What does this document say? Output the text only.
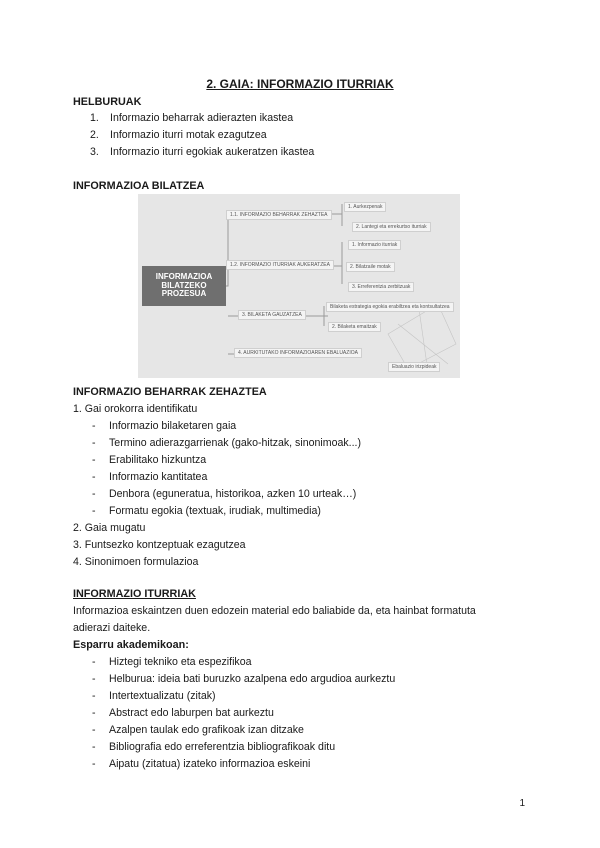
2. GAIA: INFORMAZIO ITURRIAK
HELBURUAK
1. Informazio beharrak adierazten ikastea
2. Informazio iturri motak ezagutzea
3. Informazio iturri egokiak aukeratzen ikastea
INFORMAZIOA BILATZEA
INFORMAZIOA BILATZEKO PROZESUA
1.1. INFORMAZIO BEHARRAK ZEHAZTEA
1.2. INFORMAZIO ITURRIAK AUKERATZEA
3. BILAKETA GAUZATZEA
4. AURKITUTAKO INFORMAZIOAREN EBALUAZIOA
1. Aurkezpenak
2. Lantegi eta errekurtso iturriak
1. Informazio iturriak
2. Bilatzaile motak
3. Erreferentzia zerbitzuak
Bilaketa estrategia egokia erabiltzea eta kontsultatzea
2. Bilaketa emaitzak
Ebaluazio irizpideak
INFORMAZIO BEHARRAK ZEHAZTEA
1. Gai orokorra identifikatu
- Informazio bilaketaren gaia
- Termino adierazgarrienak (gako-hitzak, sinonimoak...)
- Erabilitako hizkuntza
- Informazio kantitatea
- Denbora (eguneratua, historikoa, azken 10 urteak…)
- Formatu egokia (textuak, irudiak, multimedia)
2. Gaia mugatu
3. Funtsezko kontzeptuak ezagutzea
4. Sinonimoen formulazioa
INFORMAZIO ITURRIAK
Informazioa eskaintzen duen edozein material edo baliabide da, eta hainbat formatuta
adierazi daiteke.
Esparru akademikoan:
- Hiztegi tekniko eta espezifikoa
- Helburua: ideia bati buruzko azalpena edo argudioa aurkeztu
- Intertextualizatu (zitak)
- Abstract edo laburpen bat aurkeztu
- Azalpen taulak edo grafikoak izan ditzake
- Bibliografia edo erreferentzia bibliografikoak ditu
- Aipatu (zitatua) izateko informazioa eskeini
1
